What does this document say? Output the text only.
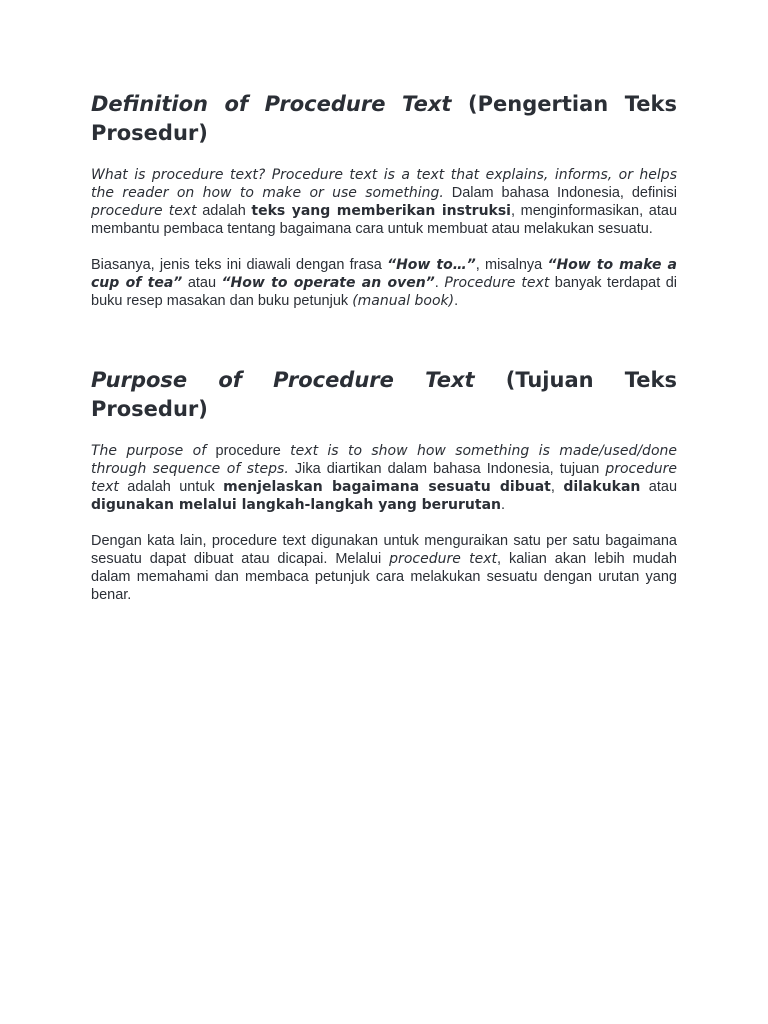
Definition of Procedure Text (Pengertian Teks Prosedur)

What is procedure text? Procedure text is a text that explains, informs, or helps the reader on how to make or use something. Dalam bahasa Indonesia, definisi procedure text adalah teks yang memberikan instruksi, menginformasikan, atau membantu pembaca tentang bagaimana cara untuk membuat atau melakukan sesuatu.

Biasanya, jenis teks ini diawali dengan frasa “How to…”, misalnya “How to make a cup of tea” atau “How to operate an oven”. Procedure text banyak terdapat di buku resep masakan dan buku petunjuk (manual book).

Purpose of Procedure Text (Tujuan Teks Prosedur)

The purpose of procedure text is to show how something is made/used/done through sequence of steps. Jika diartikan dalam bahasa Indonesia, tujuan procedure text adalah untuk menjelaskan bagaimana sesuatu dibuat, dilakukan atau digunakan melalui langkah-langkah yang berurutan.

Dengan kata lain, procedure text digunakan untuk menguraikan satu per satu bagaimana sesuatu dapat dibuat atau dicapai. Melalui procedure text, kalian akan lebih mudah dalam memahami dan membaca petunjuk cara melakukan sesuatu dengan urutan yang benar.
